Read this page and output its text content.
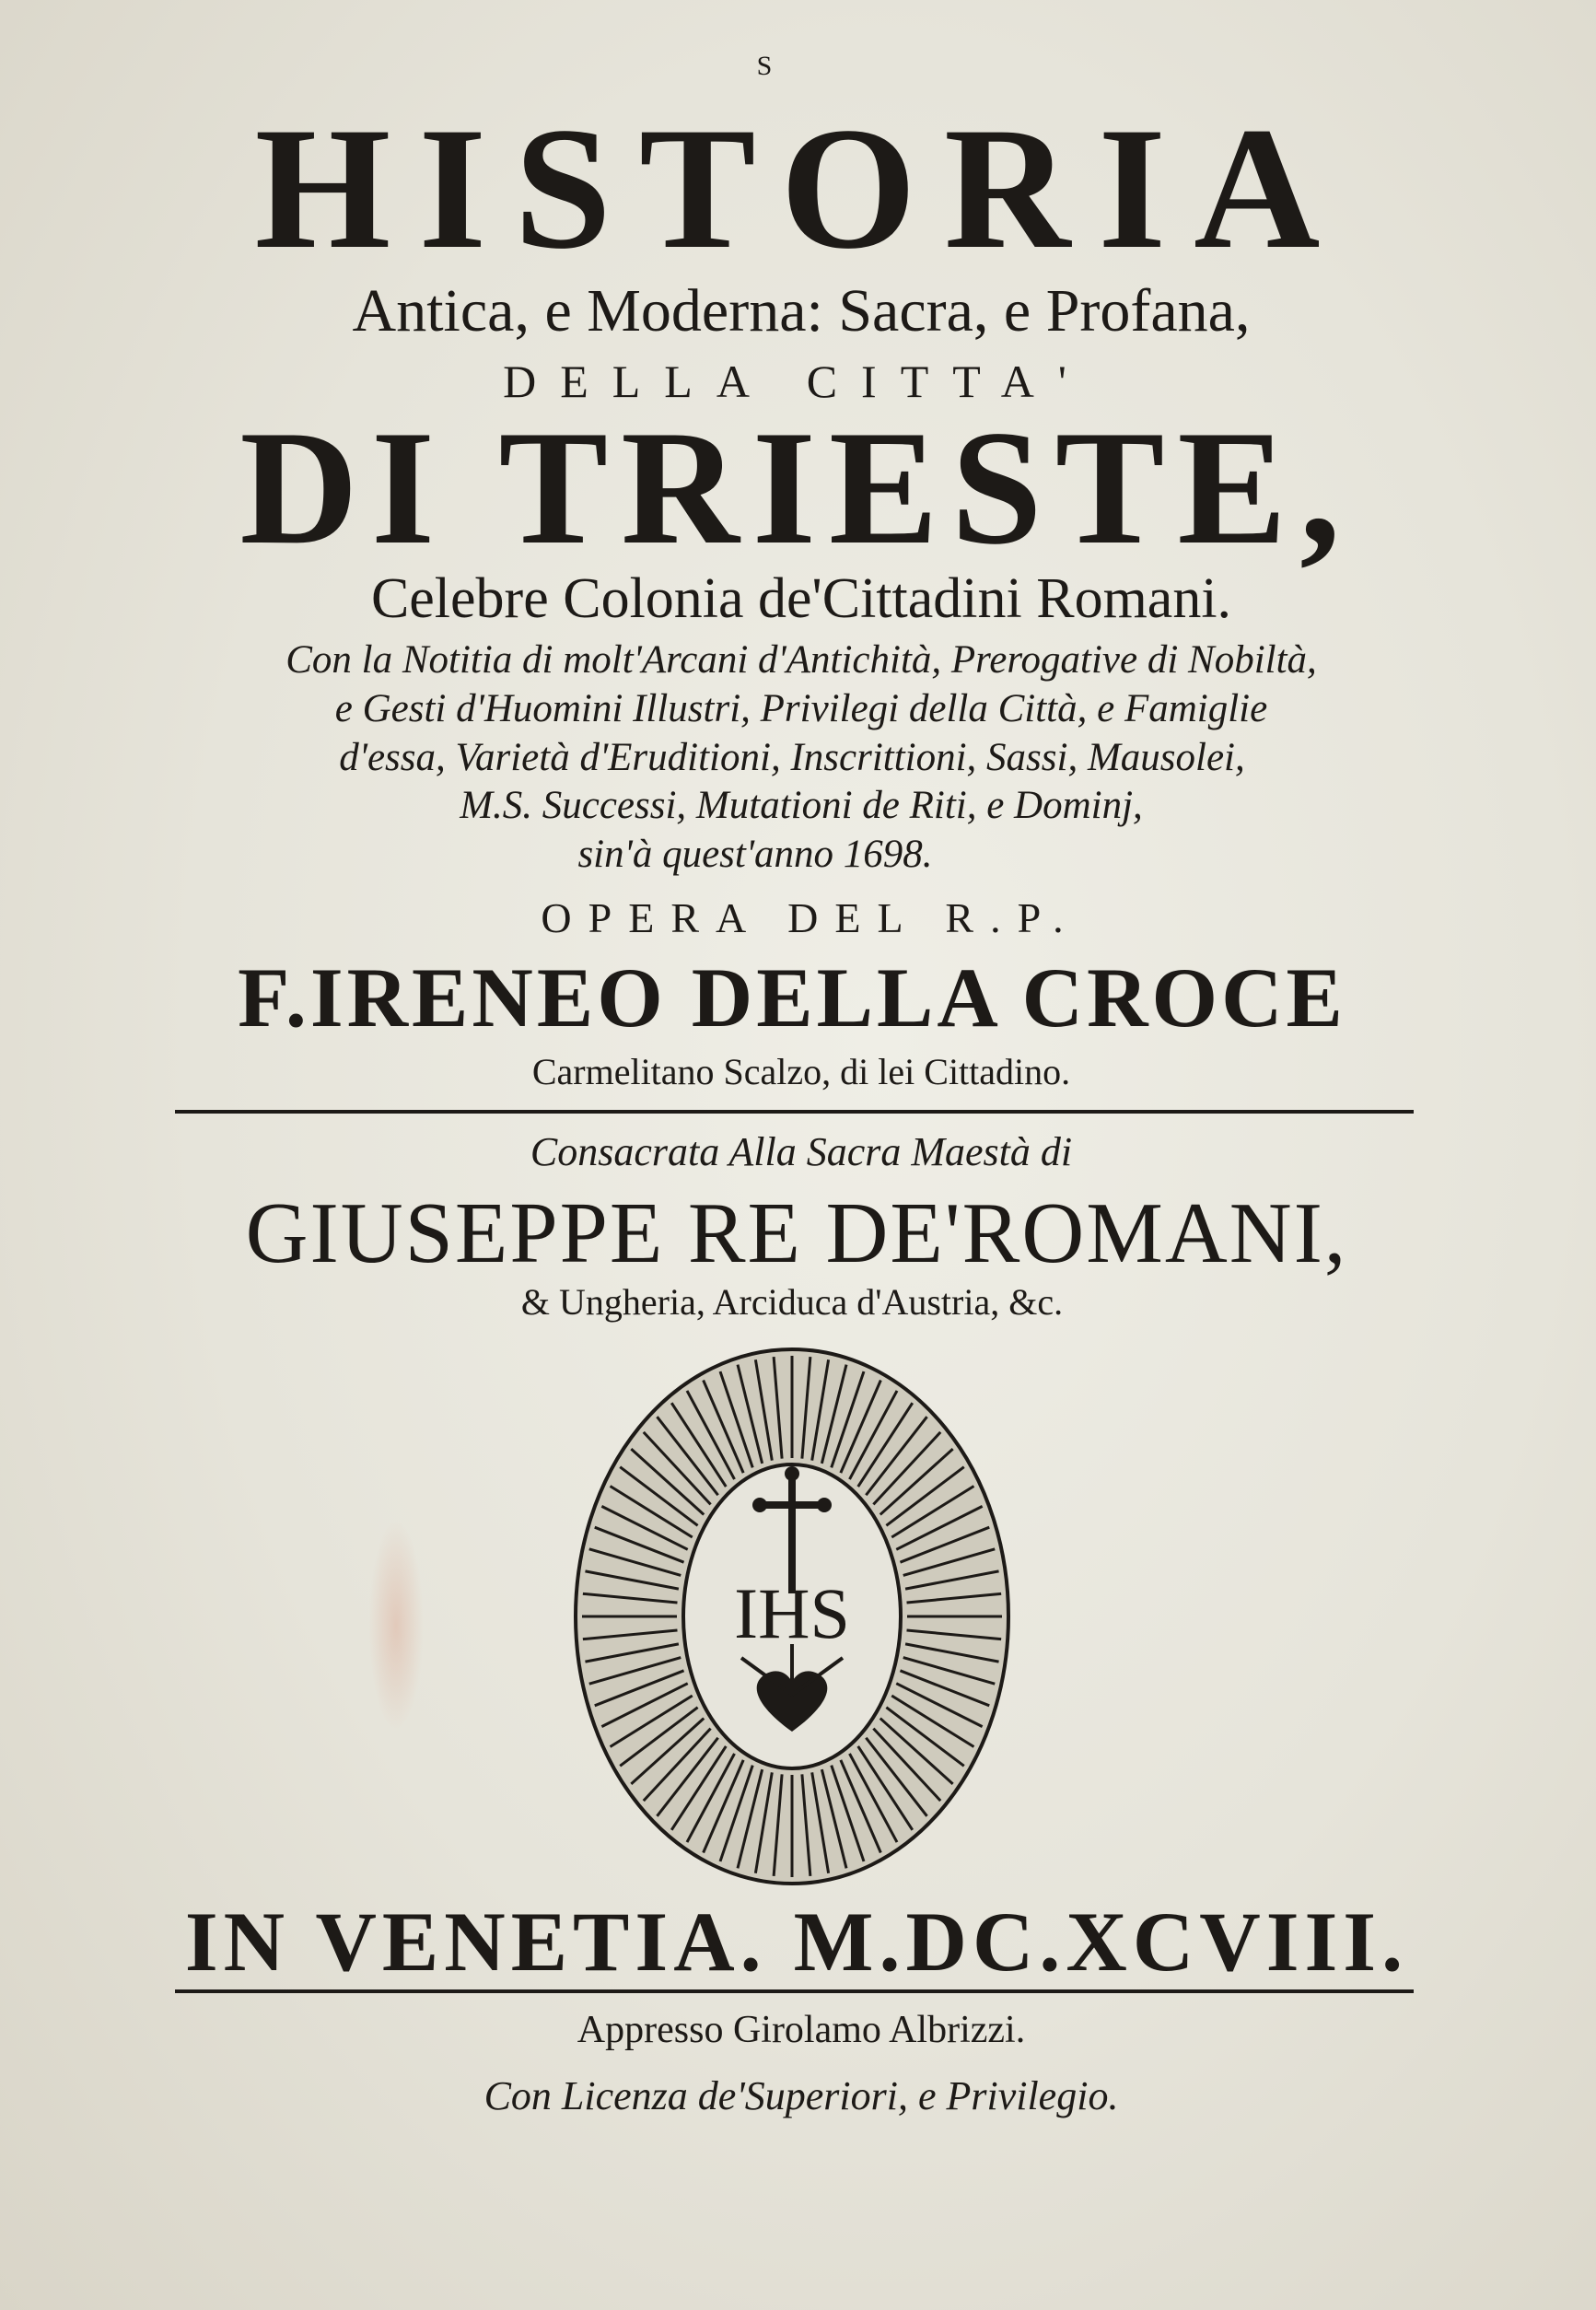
S
HISTORIA
Antica, e Moderna: Sacra, e Profana,
DELLA CITTA'
DI TRIESTE,
Celebre Colonia de'Cittadini Romani.
Con la Notitia di molt'Arcani d'Antichità, Prerogative di Nobiltà,
e Gesti d'Huomini Illustri, Privilegi della Città, e Famiglie
d'essa, Varietà d'Eruditioni, Inscrittioni, Sassi, Mausolei,
M.S. Successi, Mutationi de Riti, e Dominj,
sin'à quest'anno 1698.
OPERA DEL R.P.
F.IRENEO DELLA CROCE
Carmelitano Scalzo, di lei Cittadino.
Consacrata Alla Sacra Maestà di
GIUSEPPE RE DE'ROMANI,
& Ungheria, Arciduca d'Austria, &c.
IHS
IN VENETIA. M.DC.XCVIII.
Appresso Girolamo Albrizzi.
Con Licenza de'Superiori, e Privilegio.
